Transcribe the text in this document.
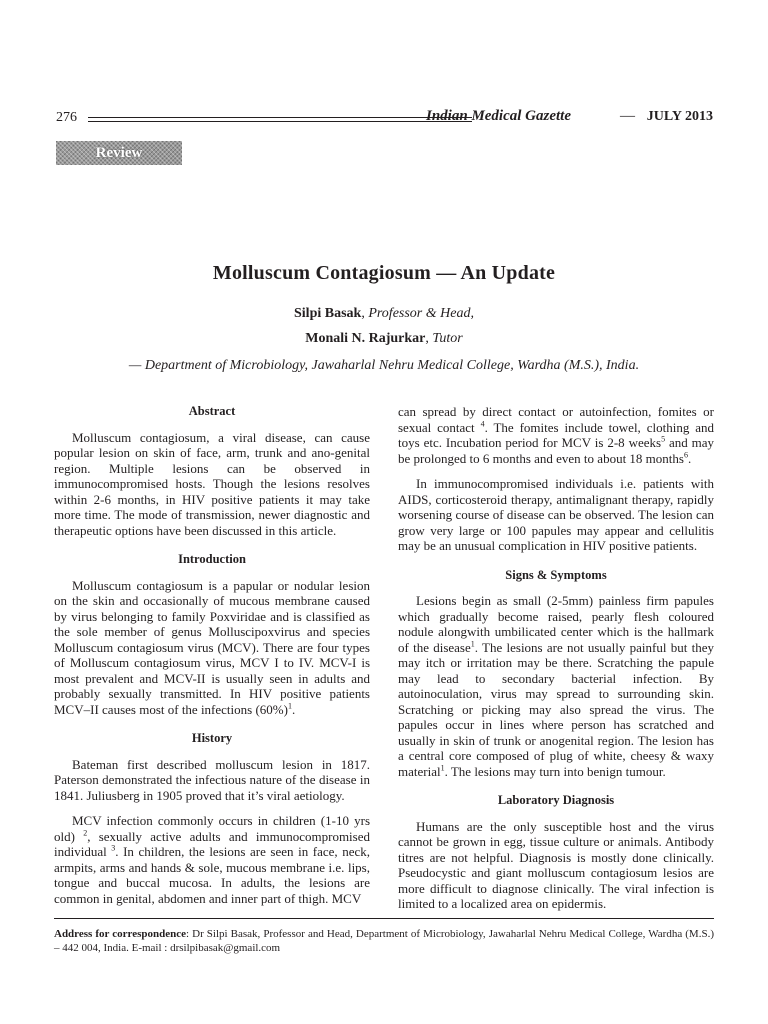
276	Indian Medical Gazette	— JULY 2013
Review
Molluscum Contagiosum — An Update
Silpi Basak, Professor & Head,
Monali N. Rajurkar, Tutor
— Department of Microbiology, Jawaharlal Nehru Medical College, Wardha (M.S.), India.
Abstract

Molluscum contagiosum, a viral disease, can cause popular lesion on skin of face, arm, trunk and ano-genital region. Multiple lesions can be observed in immunocompromised hosts. Though the lesions resolves within 2-6 months, in HIV positive patients it may take more time. The mode of transmission, newer diagnostic and therapeutic options have been discussed in this article.

Introduction

Molluscum contagiosum is a papular or nodular lesion on the skin and occasionally of mucous membrane caused by virus belonging to family Poxviridae and is classified as the sole member of genus Molluscipoxvirus and species Molluscum contagiosum virus (MCV). There are four types of Molluscum contagiosum virus, MCV I to IV. MCV-I is most prevalent and MCV-II is usually seen in adults and probably sexually transmitted. In HIV positive patients MCV–II causes most of the infections $(60\%)^1$.

History

Bateman first described molluscum lesion in 1817. Paterson demonstrated the infectious nature of the disease in 1841. Juliusberg in 1905 proved that it’s viral aetiology.

MCV infection commonly occurs in children (1-10 yrs old) $^2$, sexually active adults and immunocompromised individual $^3$. In children, the lesions are seen in face, neck, armpits, arms and hands & sole, mucous membrane i.e. lips, tongue and buccal mucosa. In adults, the lesions are common in genital, abdomen and inner part of thigh. MCV

can spread by direct contact or autoinfection, fomites or sexual contact $^4$. The fomites include towel, clothing and toys etc. Incubation period for MCV is 2-8 weeks$^5$ and may be prolonged to 6 months and even to about 18 months$^6$.

In immunocompromised individuals i.e. patients with AIDS, corticosteroid therapy, antimalignant therapy, rapidly worsening course of disease can be observed. The lesion can grow very large or 100 papules may appear and cellulitis may be an unusual complication in HIV positive patients.

Signs & Symptoms

Lesions begin as small (2-5mm) painless firm papules which gradually become raised, pearly flesh coloured nodule alongwith umbilicated center which is the hallmark of the disease$^1$. The lesions are not usually painful but they may itch or irritation may be there. Scratching the papule may lead to secondary bacterial infection. By autoinoculation, virus may spread to surrounding skin. Scratching or picking may also spread the virus. The papules occur in lines where person has scratched and usually in skin of trunk or anogenital region. The lesion has a central core composed of plug of white, cheesy & waxy material$^1$. The lesions may turn into benign tumour.

Laboratory Diagnosis

Humans are the only susceptible host and the virus cannot be grown in egg, tissue culture or animals. Antibody titres are not helpful. Diagnosis is mostly done clinically. Pseudocystic and giant molluscum contagiosum lesios are more difficult to diagnose clinically. The viral infection is limited to a localized area on epidermis.

Address for correspondence: Dr Silpi Basak, Professor and Head, Department of Microbiology, Jawaharlal Nehru Medical College, Wardha (M.S.) – 442 004, India. E-mail : drsilpibasak@gmail.com
